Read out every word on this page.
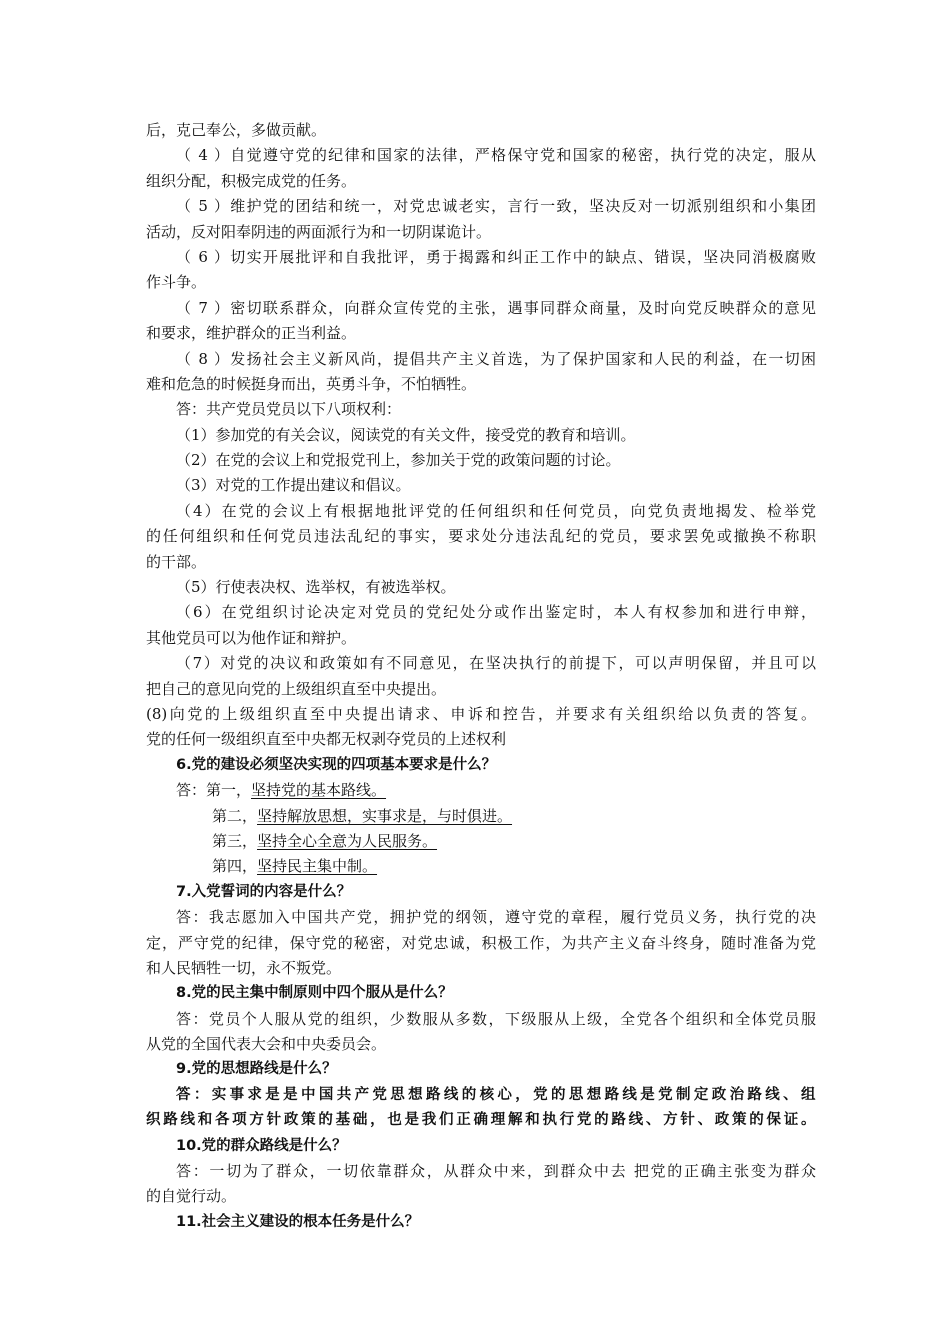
后，克己奉公，多做贡献。
（ 4 ）自觉遵守党的纪律和国家的法律，严格保守党和国家的秘密，执行党的决定，服从
组织分配，积极完成党的任务。
（ 5 ）维护党的团结和统一，对党忠诚老实，言行一致，坚决反对一切派别组织和小集团
活动，反对阳奉阴违的两面派行为和一切阴谋诡计。
（ 6 ）切实开展批评和自我批评，勇于揭露和纠正工作中的缺点、错误，坚决同消极腐败
作斗争。
（ 7 ）密切联系群众，向群众宣传党的主张，遇事同群众商量，及时向党反映群众的意见
和要求，维护群众的正当利益。
（ 8 ）发扬社会主义新风尚，提倡共产主义首选，为了保护国家和人民的利益，在一切困
难和危急的时候挺身而出，英勇斗争，不怕牺牲。
答：共产党员党员以下八项权利：
（1）参加党的有关会议，阅读党的有关文件，接受党的教育和培训。
（2）在党的会议上和党报党刊上，参加关于党的政策问题的讨论。
（3）对党的工作提出建议和倡议。
（4）在党的会议上有根据地批评党的任何组织和任何党员，向党负责地揭发、检举党
的任何组织和任何党员违法乱纪的事实，要求处分违法乱纪的党员，要求罢免或撤换不称职
的干部。
（5）行使表决权、选举权，有被选举权。
（6）在党组织讨论决定对党员的党纪处分或作出鉴定时，本人有权参加和进行申辩，
其他党员可以为他作证和辩护。
（7）对党的决议和政策如有不同意见，在坚决执行的前提下，可以声明保留，并且可以
把自己的意见向党的上级组织直至中央提出。
(8)向党的上级组织直至中央提出请求、申诉和控告，并要求有关组织给以负责的答复。
党的任何一级组织直至中央都无权剥夺党员的上述权利
6.党的建设必须坚决实现的四项基本要求是什么？
答：第一，坚持党的基本路线。
第二，坚持解放思想，实事求是，与时俱进。
第三，坚持全心全意为人民服务。
第四，坚持民主集中制。
7.入党誓词的内容是什么？
答：我志愿加入中国共产党，拥护党的纲领，遵守党的章程，履行党员义务，执行党的决
定，严守党的纪律，保守党的秘密，对党忠诚，积极工作，为共产主义奋斗终身，随时准备为党
和人民牺牲一切，永不叛党。
8.党的民主集中制原则中四个服从是什么？
答：党员个人服从党的组织，少数服从多数，下级服从上级，全党各个组织和全体党员服
从党的全国代表大会和中央委员会。
9.党的思想路线是什么？
答：实事求是是中国共产党思想路线的核心，党的思想路线是党制定政治路线、组
织路线和各项方针政策的基础，也是我们正确理解和执行党的路线、方针、政策的保证。
10.党的群众路线是什么？
答：一切为了群众，一切依靠群众，从群众中来，到群众中去 把党的正确主张变为群众
的自觉行动。
11.社会主义建设的根本任务是什么？
